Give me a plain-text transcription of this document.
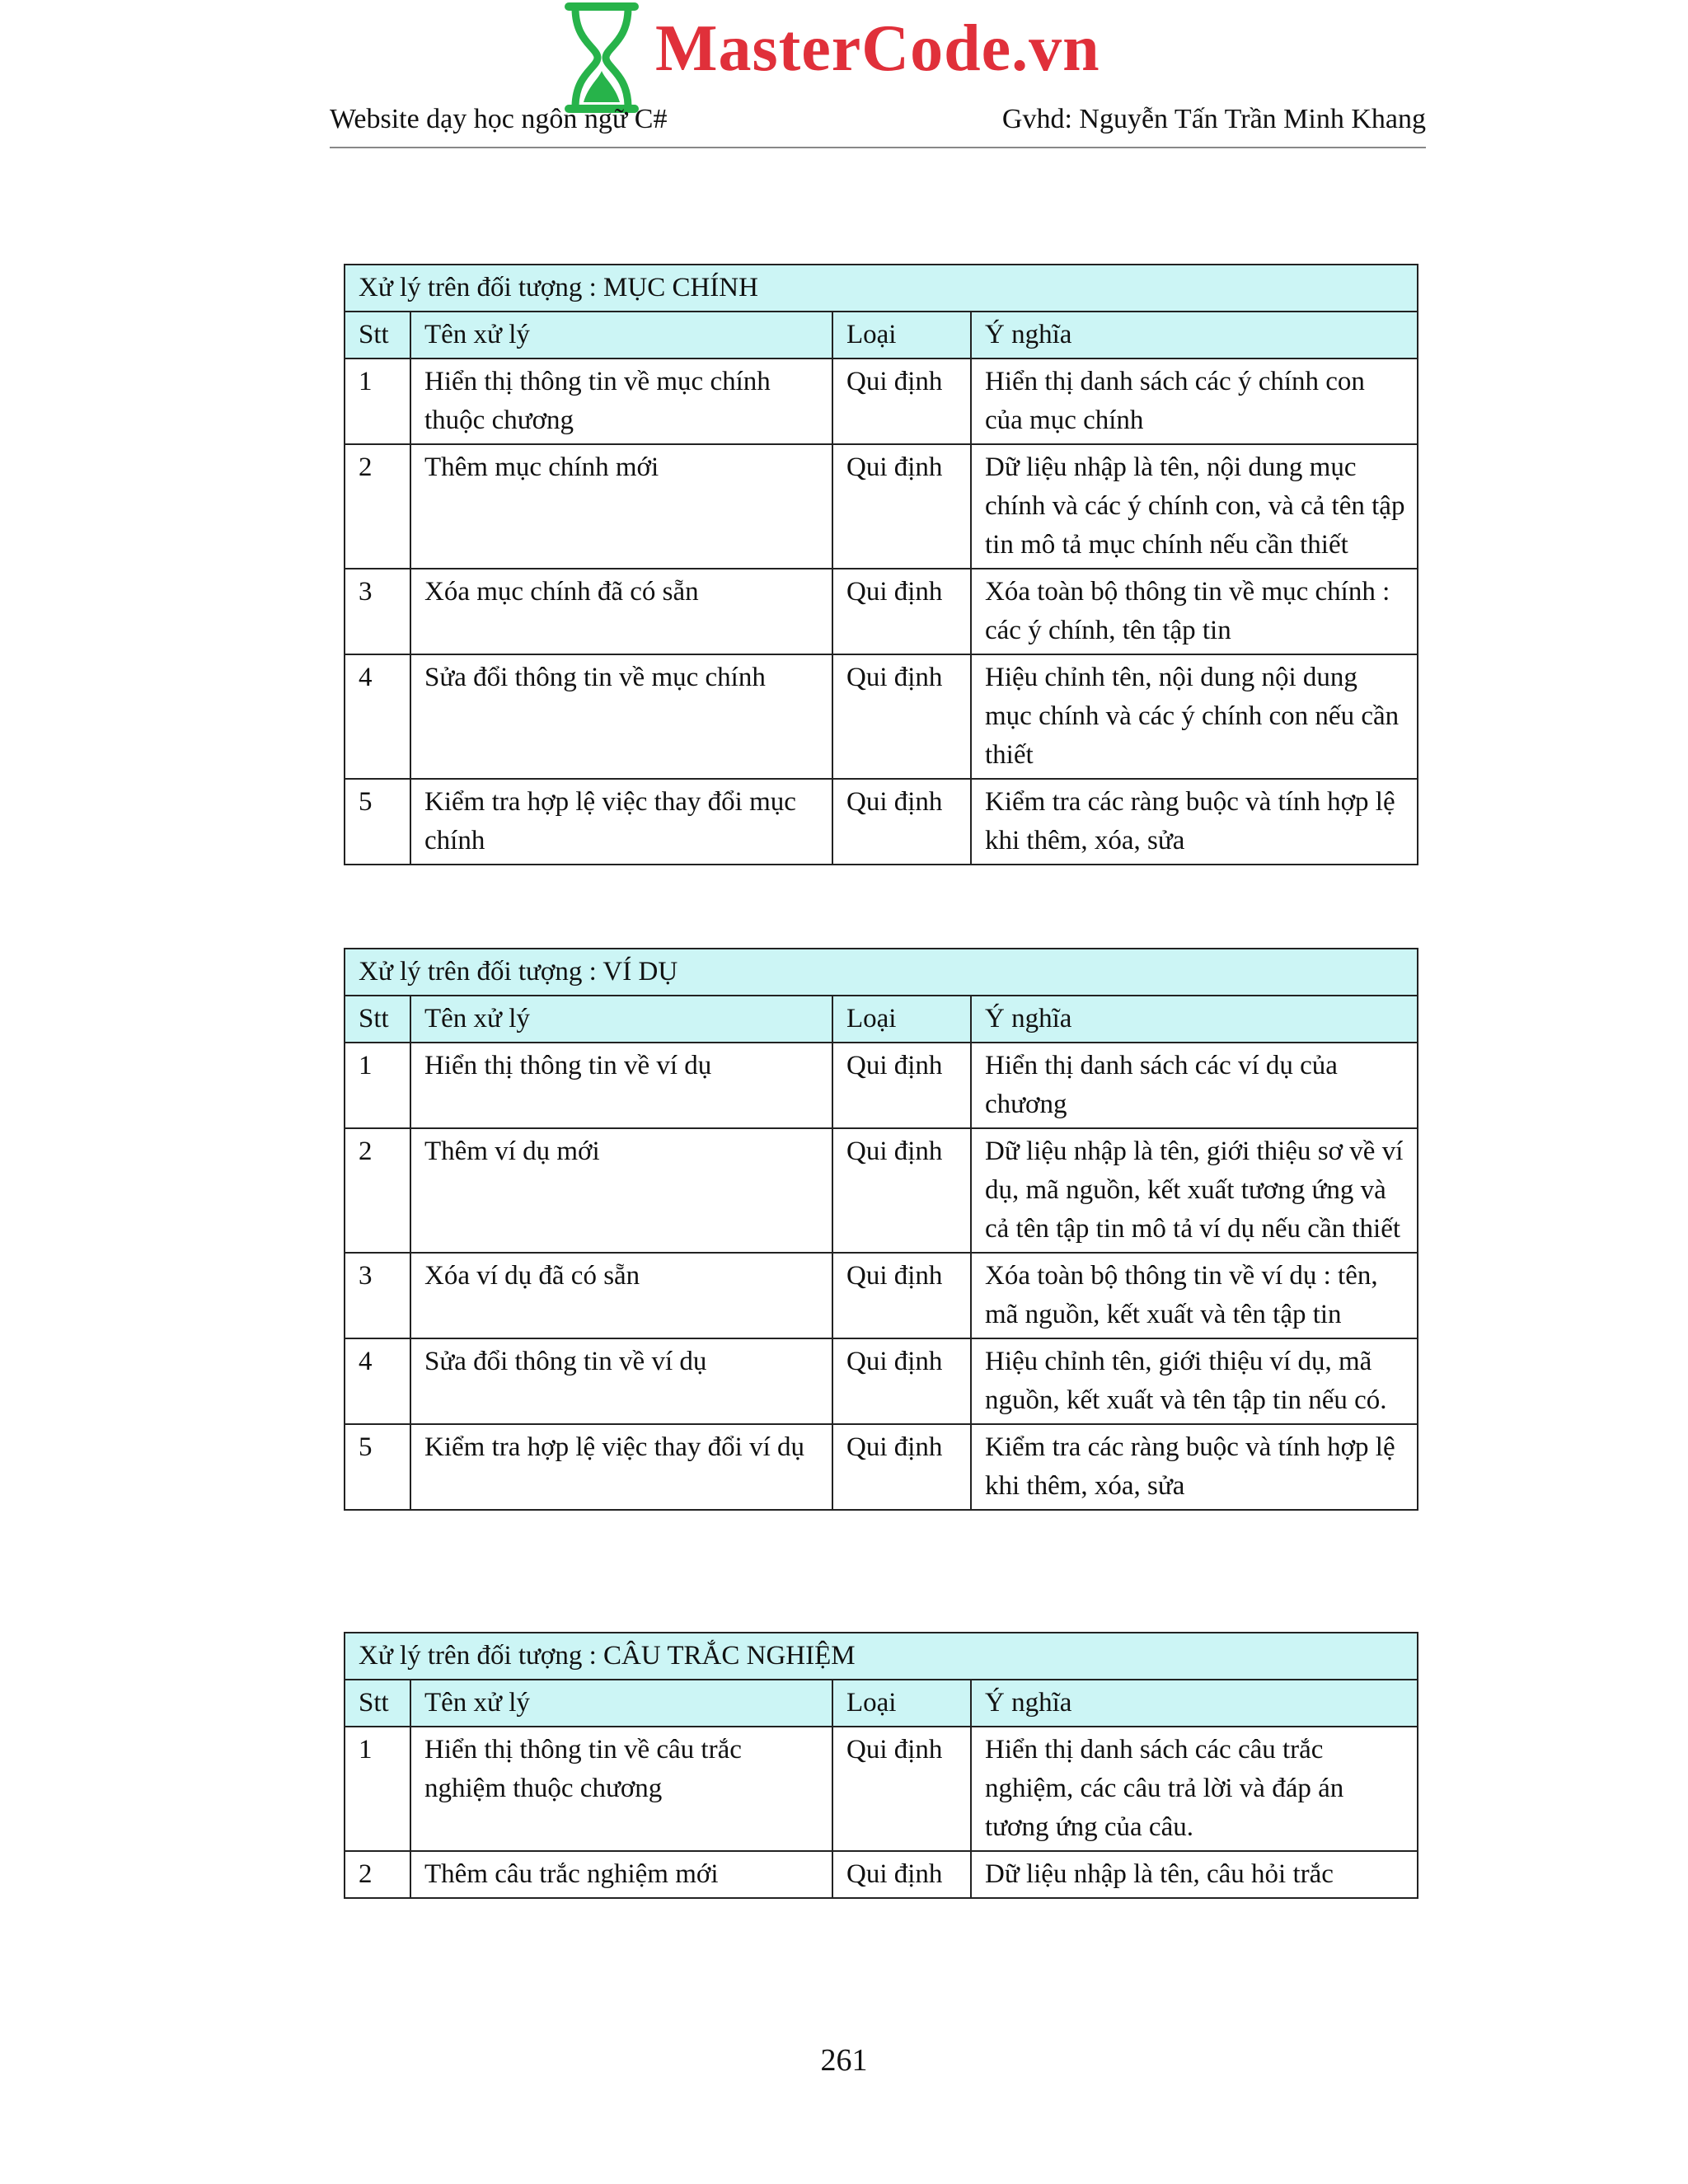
MasterCode.vn
Website dạy học ngôn ngữ C#	Gvhd: Nguyễn Tấn Trần Minh Khang
Xử lý trên đối tượng : MỤC CHÍNH			
Stt	Tên xử lý	Loại	Ý nghĩa
1	Hiển thị thông tin về mục chính thuộc chương	Qui định	Hiển thị danh sách các ý chính con của mục chính
2	Thêm mục chính mới	Qui định	Dữ liệu nhập là tên, nội dung mục chính và các ý chính con, và cả tên tập tin mô tả mục chính nếu cần thiết
3	Xóa mục chính đã có sẵn	Qui định	Xóa toàn bộ thông tin về mục chính : các ý chính, tên tập tin
4	Sửa đổi thông tin về mục chính	Qui định	Hiệu chỉnh tên, nội dung nội dung mục chính và các ý chính con nếu cần thiết
5	Kiểm tra hợp lệ việc thay đổi mục chính	Qui định	Kiểm tra các ràng buộc và tính hợp lệ khi thêm, xóa, sửa
Xử lý trên đối tượng : VÍ DỤ			
Stt	Tên xử lý	Loại	Ý nghĩa
1	Hiển thị thông tin về ví dụ	Qui định	Hiển thị danh sách các ví dụ của chương
2	Thêm ví dụ mới	Qui định	Dữ liệu nhập là tên, giới thiệu sơ về ví dụ, mã nguồn, kết xuất tương ứng và cả tên tập tin mô tả ví dụ nếu cần thiết
3	Xóa ví dụ đã có sẵn	Qui định	Xóa toàn bộ thông tin về ví dụ : tên, mã nguồn, kết xuất và tên tập tin
4	Sửa đổi thông tin về ví dụ	Qui định	Hiệu chỉnh tên, giới thiệu ví dụ, mã nguồn, kết xuất và tên tập tin nếu có.
5	Kiểm tra hợp lệ việc thay đổi ví dụ	Qui định	Kiểm tra các ràng buộc và tính hợp lệ khi thêm, xóa, sửa
Xử lý trên đối tượng : CÂU TRẮC NGHIỆM			
Stt	Tên xử lý	Loại	Ý nghĩa
1	Hiển thị thông tin về câu trắc nghiệm thuộc chương	Qui định	Hiển thị danh sách các câu trắc nghiệm, các câu trả lời và đáp án tương ứng của câu.
2	Thêm câu trắc nghiệm mới	Qui định	Dữ liệu nhập là tên, câu hỏi trắc
261
